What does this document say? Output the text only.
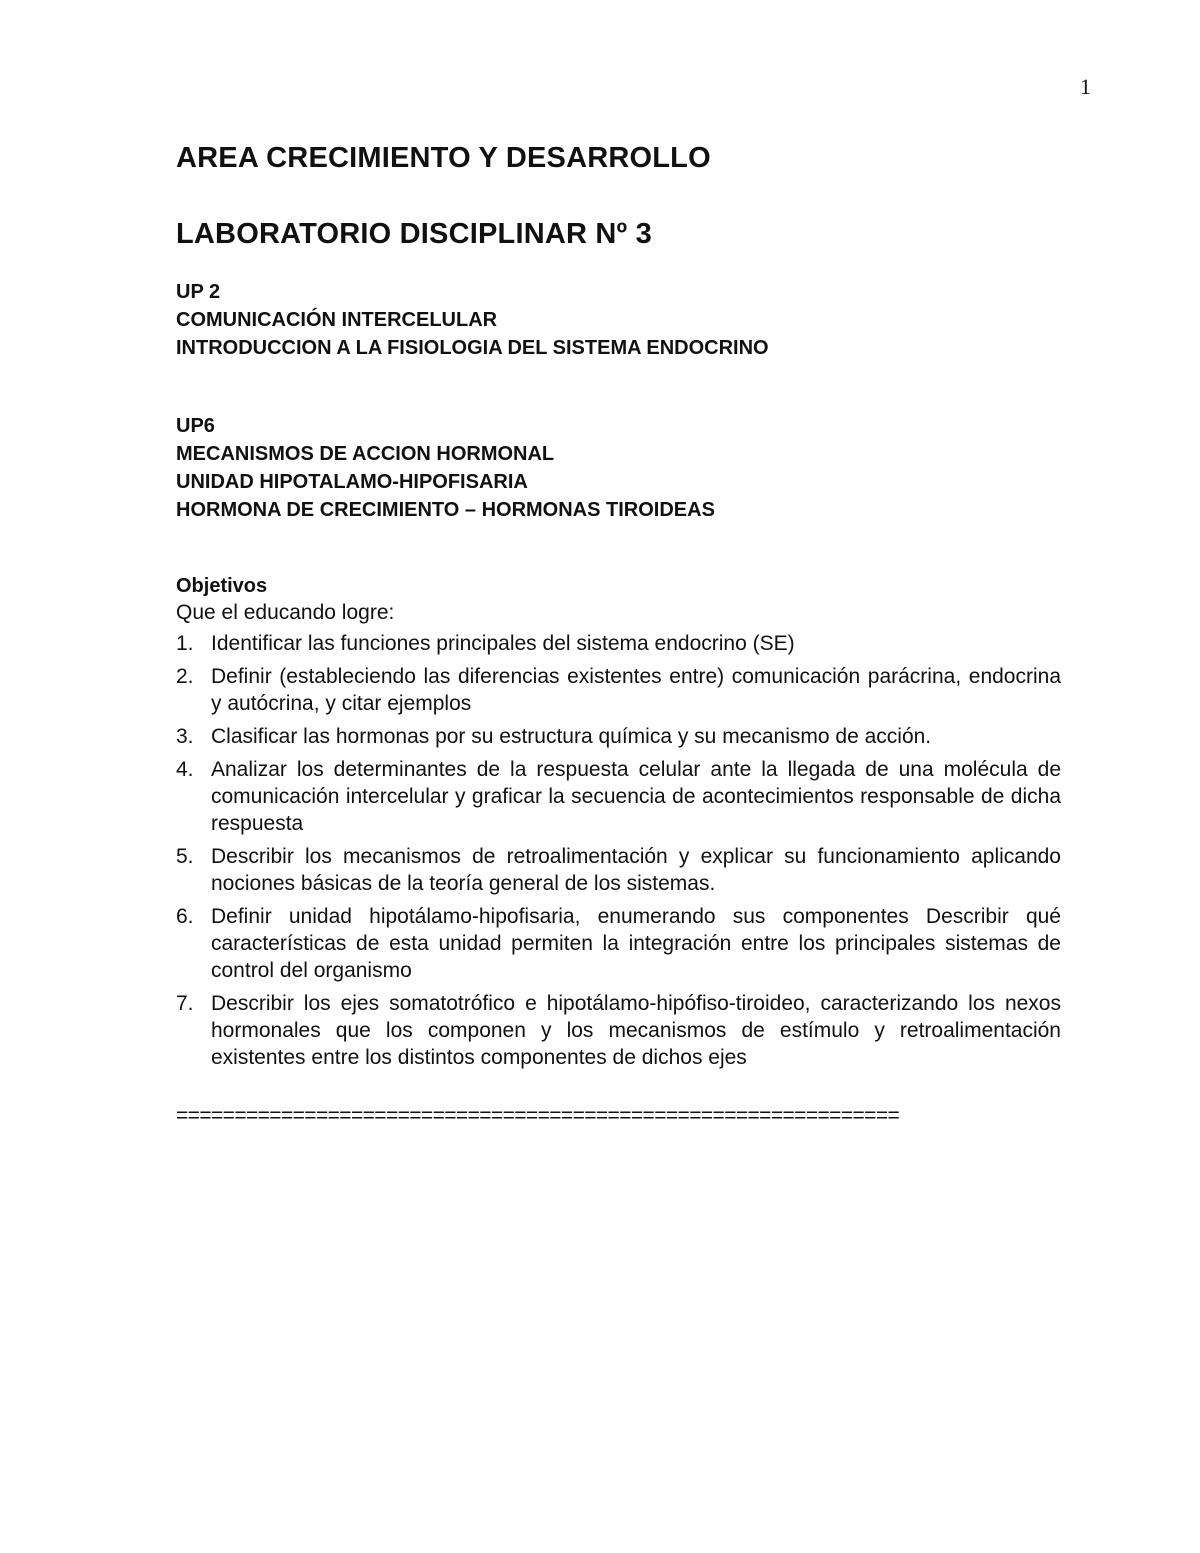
1
AREA CRECIMIENTO Y DESARROLLO
LABORATORIO DISCIPLINAR Nº 3
UP 2
COMUNICACIÓN INTERCELULAR
INTRODUCCION A LA FISIOLOGIA DEL SISTEMA ENDOCRINO
UP6
MECANISMOS DE ACCION HORMONAL
UNIDAD HIPOTALAMO-HIPOFISARIA
HORMONA DE CRECIMIENTO – HORMONAS TIROIDEAS
Objetivos
Que el educando logre:
1. Identificar las funciones principales del sistema endocrino (SE)
2. Definir (estableciendo las diferencias existentes entre) comunicación parácrina, endocrina y autócrina, y citar ejemplos
3. Clasificar las hormonas por su estructura química y su mecanismo de acción.
4. Analizar los determinantes de la respuesta celular ante la llegada de una molécula de comunicación intercelular y graficar la secuencia de acontecimientos responsable de dicha respuesta
5. Describir los mecanismos de retroalimentación y explicar su funcionamiento aplicando nociones básicas de la teoría general de los sistemas.
6. Definir unidad hipotálamo-hipofisaria, enumerando sus componentes Describir qué características de esta unidad permiten la integración entre los principales sistemas de control del organismo
7. Describir los ejes somatotrófico e hipotálamo-hipófiso-tiroideo, caracterizando los nexos hormonales que los componen y los mecanismos de estímulo y retroalimentación existentes entre los distintos componentes de dichos ejes
==============================================================
